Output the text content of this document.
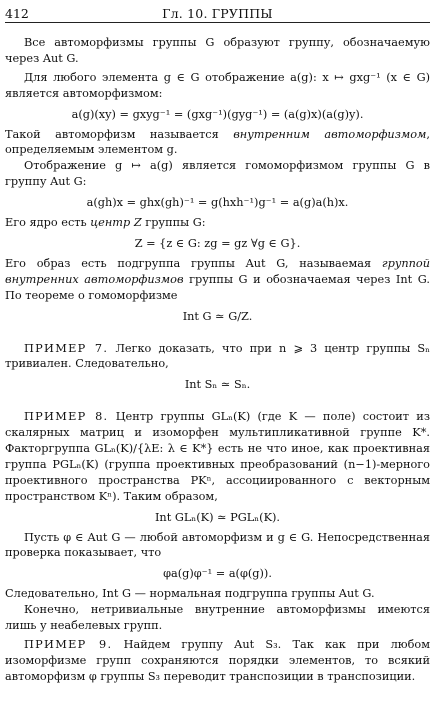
412	Гл. 10. ГРУППЫ

Все автоморфизмы группы G образуют группу, обозначаемую через Aut G.

Для любого элемента g ∈ G отображение a(g): x ↦ gxg⁻¹ (x ∈ G) является автоморфизмом:

a(g)(xy) = gxyg⁻¹ = (gxg⁻¹)(gyg⁻¹) = (a(g)x)(a(g)y).

Такой автоморфизм называется внутренним автоморфизмом, определяемым элементом g.

Отображение g ↦ a(g) является гомоморфизмом группы G в группу Aut G:

a(gh)x = ghx(gh)⁻¹ = g(hxh⁻¹)g⁻¹ = a(g)a(h)x.

Его ядро есть центр Z группы G:

Z = {z ∈ G: zg = gz ∀g ∈ G}.

Его образ есть подгруппа группы Aut G, называемая группой внутренних автоморфизмов группы G и обозначаемая через Int G. По теореме о гомоморфизме

Int G ≃ G/Z.

ПРИМЕР 7. Легко доказать, что при n ⩾ 3 центр группы Sₙ тривиален. Следовательно,

Int Sₙ ≃ Sₙ.

ПРИМЕР 8. Центр группы GLₙ(K) (где K — поле) состоит из скалярных матриц и изоморфен мультипликативной группе K*. Факторгруппа GLₙ(K)/{λE: λ ∈ K*} есть не что иное, как проективная группа PGLₙ(K) (группа проективных преобразований (n−1)-мерного проективного пространства PKⁿ, ассоциированного с векторным пространством Kⁿ). Таким образом,

Int GLₙ(K) ≃ PGLₙ(K).

Пусть φ ∈ Aut G — любой автоморфизм и g ∈ G. Непосредственная проверка показывает, что

φa(g)φ⁻¹ = a(φ(g)).

Следовательно, Int G — нормальная подгруппа группы Aut G.

Конечно, нетривиальные внутренние автоморфизмы имеются лишь у неабелевых групп.

ПРИМЕР 9. Найдем группу Aut S₃. Так как при любом изоморфизме групп сохраняются порядки элементов, то всякий автоморфизм φ группы S₃ переводит транспозиции в транспозиции.
